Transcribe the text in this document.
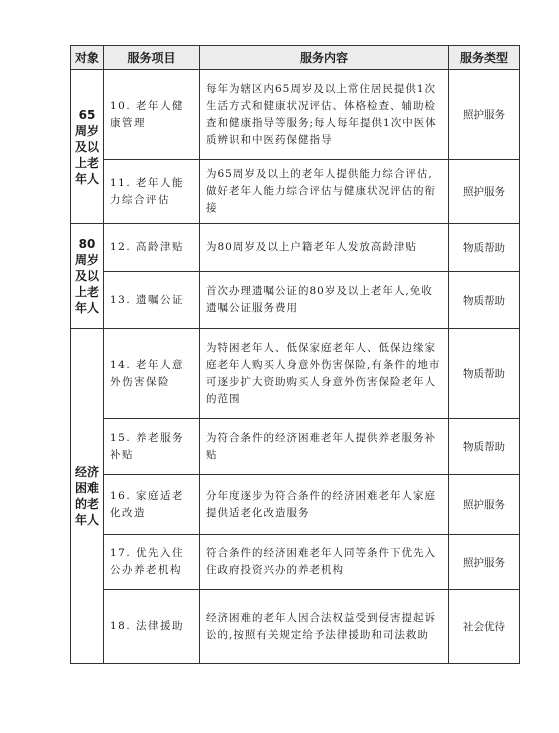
对象	服务项目	服务内容	服务类型
65周岁及以上老年人	10. 老年人健康管理	每年为辖区内65周岁及以上常住居民提供1次生活方式和健康状况评估、体格检查、辅助检查和健康指导等服务;每人每年提供1次中医体质辨识和中医药保健指导	照护服务
	11. 老年人能力综合评估	为65周岁及以上的老年人提供能力综合评估,做好老年人能力综合评估与健康状况评估的衔接	照护服务
80周岁及以上老年人	12. 高龄津贴	为80周岁及以上户籍老年人发放高龄津贴	物质帮助
	13. 遗嘱公证	首次办理遗嘱公证的80岁及以上老年人,免收遗嘱公证服务费用	物质帮助
经济困难的老年人	14. 老年人意外伤害保险	为特困老年人、低保家庭老年人、低保边缘家庭老年人购买人身意外伤害保险,有条件的地市可逐步扩大资助购买人身意外伤害保险老年人的范围	物质帮助
	15. 养老服务补贴	为符合条件的经济困难老年人提供养老服务补贴	物质帮助
	16. 家庭适老化改造	分年度逐步为符合条件的经济困难老年人家庭提供适老化改造服务	照护服务
	17. 优先入住公办养老机构	符合条件的经济困难老年人同等条件下优先入住政府投资兴办的养老机构	照护服务
	18. 法律援助	经济困难的老年人因合法权益受到侵害提起诉讼的,按照有关规定给予法律援助和司法救助	社会优待
